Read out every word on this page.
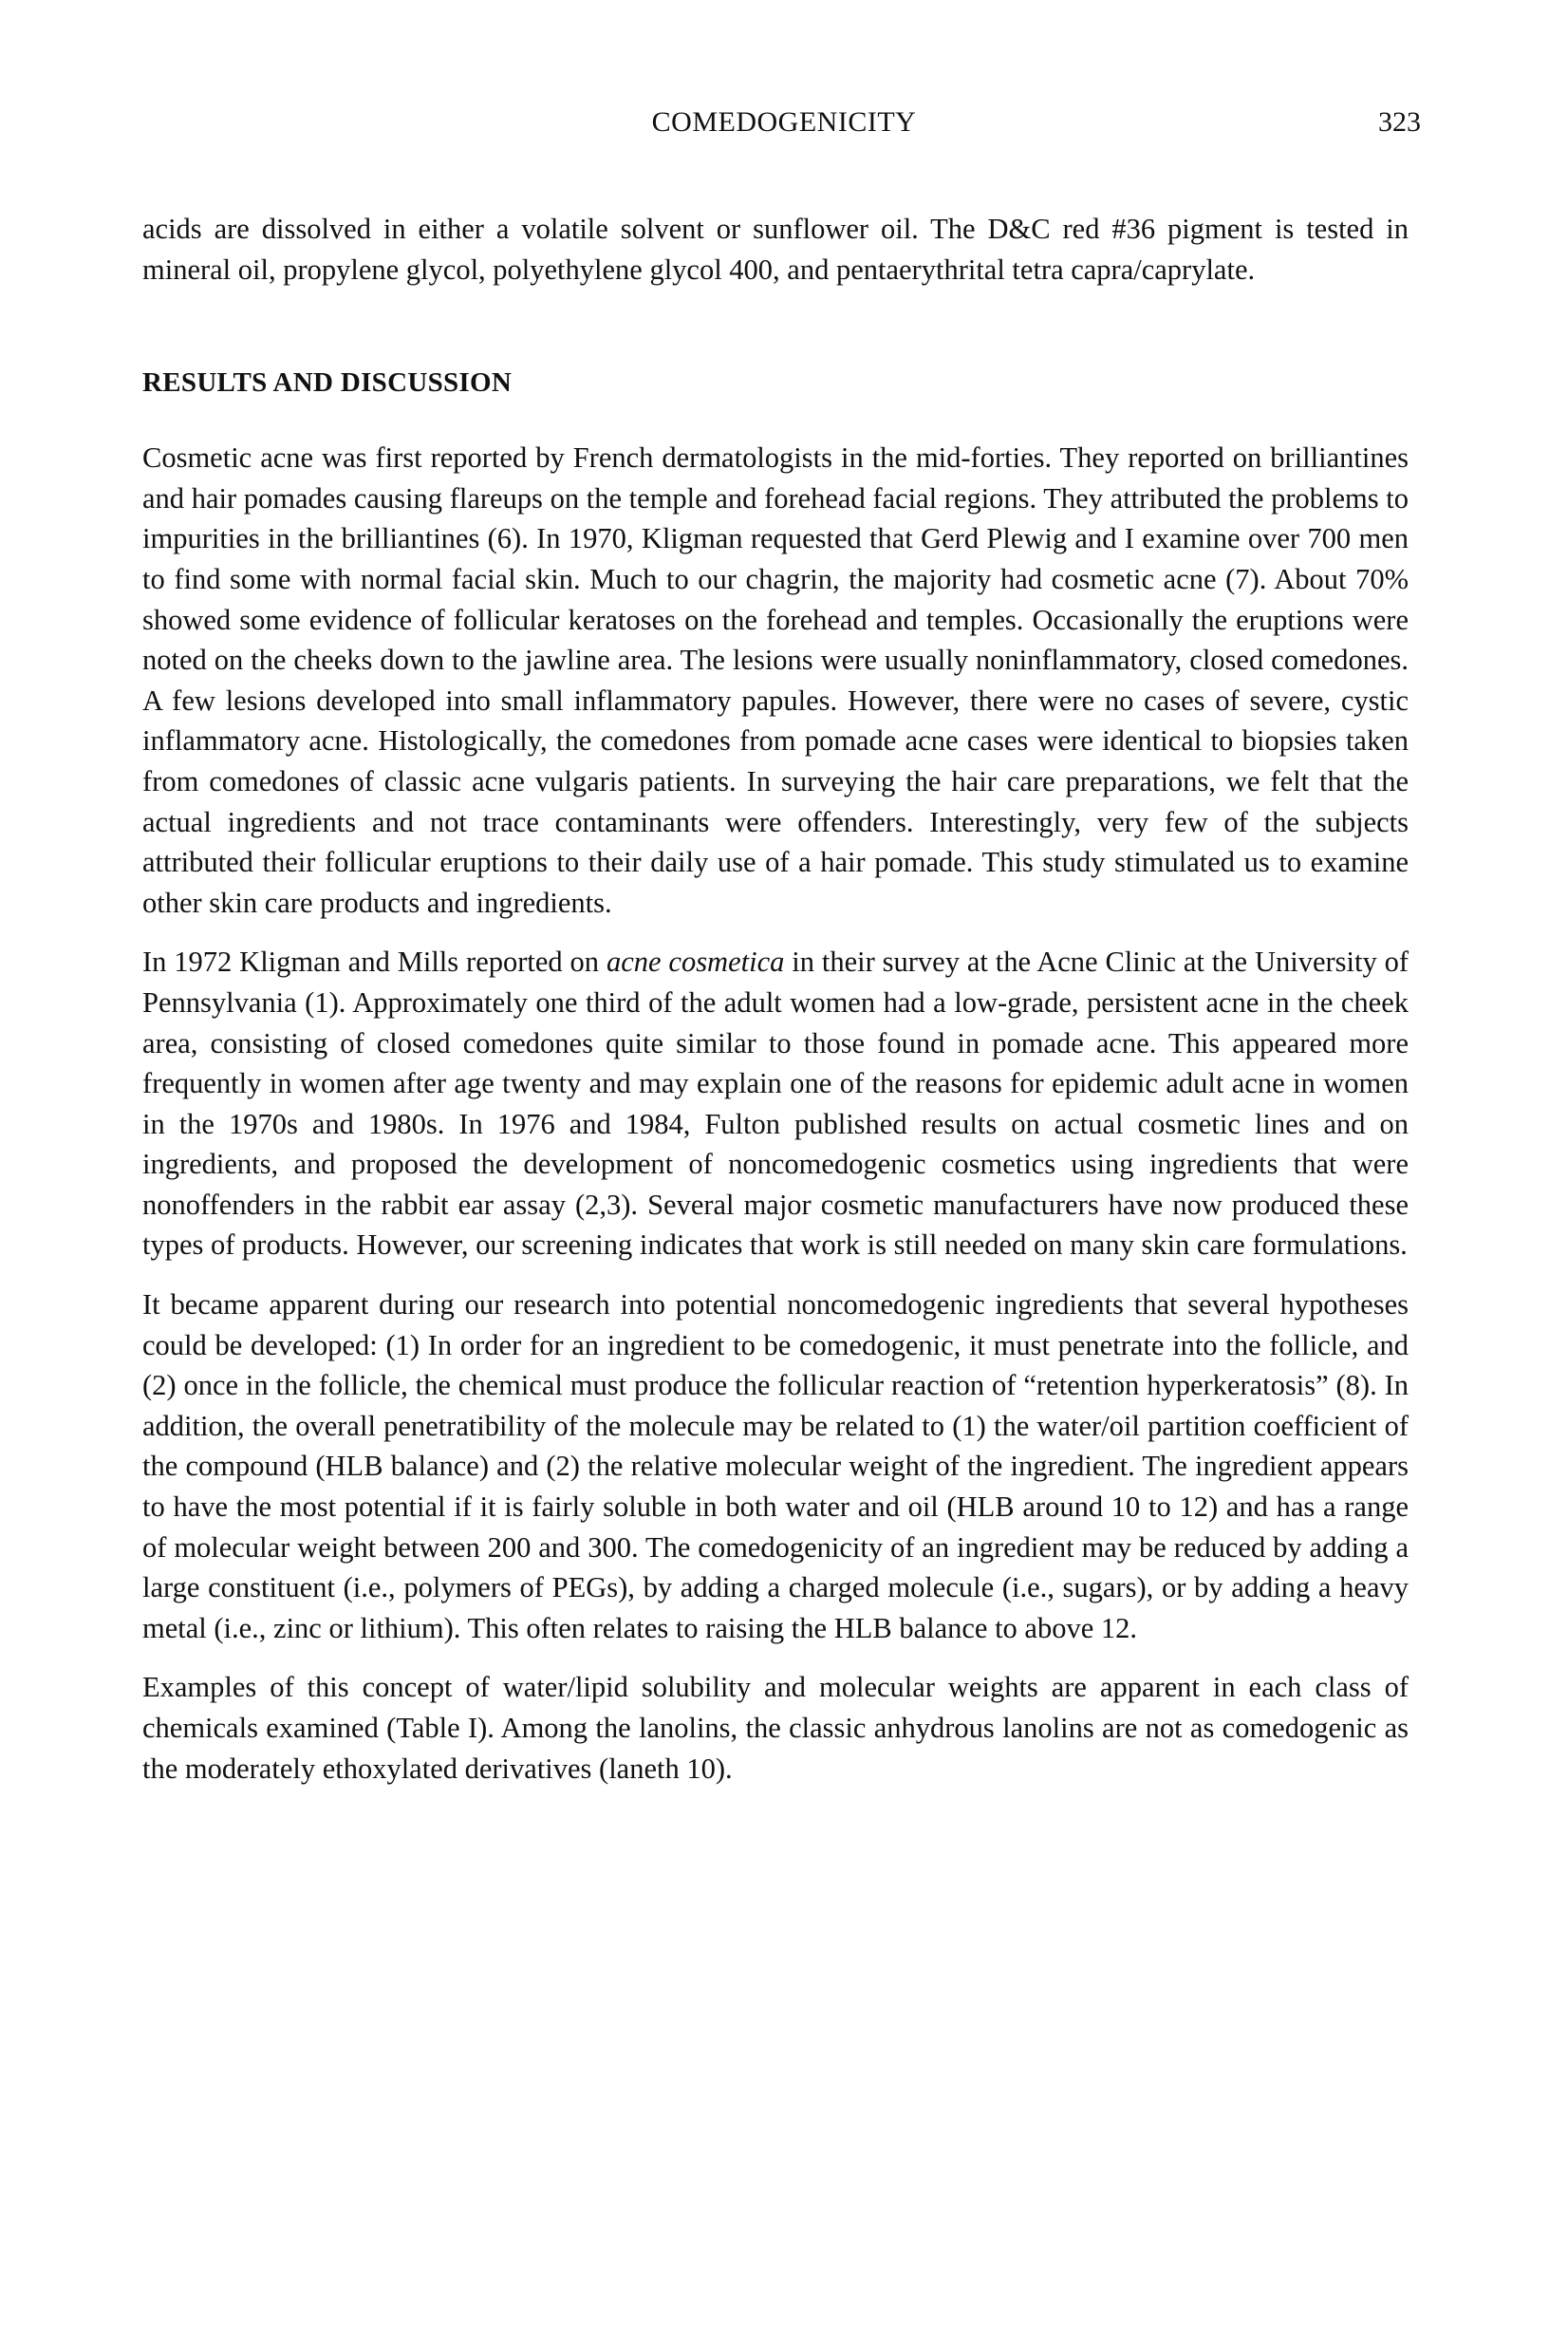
COMEDOGENICITY	323

acids are dissolved in either a volatile solvent or sunflower oil. The D&C red #36 pigment is tested in mineral oil, propylene glycol, polyethylene glycol 400, and pentaerythrital tetra capra/caprylate.

RESULTS AND DISCUSSION

Cosmetic acne was first reported by French dermatologists in the mid-forties. They reported on brilliantines and hair pomades causing flareups on the temple and forehead facial regions. They attributed the problems to impurities in the brilliantines (6). In 1970, Kligman requested that Gerd Plewig and I examine over 700 men to find some with normal facial skin. Much to our chagrin, the majority had cosmetic acne (7). About 70% showed some evidence of follicular keratoses on the forehead and temples. Occasionally the eruptions were noted on the cheeks down to the jawline area. The lesions were usually noninflammatory, closed comedones. A few lesions developed into small inflammatory papules. However, there were no cases of severe, cystic inflammatory acne. Histologically, the comedones from pomade acne cases were identical to biopsies taken from comedones of classic acne vulgaris patients. In surveying the hair care preparations, we felt that the actual ingredients and not trace contaminants were offenders. Interestingly, very few of the subjects attributed their follicular eruptions to their daily use of a hair pomade. This study stimulated us to examine other skin care products and ingredients.

In 1972 Kligman and Mills reported on acne cosmetica in their survey at the Acne Clinic at the University of Pennsylvania (1). Approximately one third of the adult women had a low-grade, persistent acne in the cheek area, consisting of closed comedones quite similar to those found in pomade acne. This appeared more frequently in women after age twenty and may explain one of the reasons for epidemic adult acne in women in the 1970s and 1980s. In 1976 and 1984, Fulton published results on actual cosmetic lines and on ingredients, and proposed the development of noncomedogenic cosmetics using ingredients that were nonoffenders in the rabbit ear assay (2,3). Several major cosmetic manufacturers have now produced these types of products. However, our screening indicates that work is still needed on many skin care formulations.

It became apparent during our research into potential noncomedogenic ingredients that several hypotheses could be developed: (1) In order for an ingredient to be comedogenic, it must penetrate into the follicle, and (2) once in the follicle, the chemical must produce the follicular reaction of “retention hyperkeratosis” (8). In addition, the overall penetratibility of the molecule may be related to (1) the water/oil partition coefficient of the compound (HLB balance) and (2) the relative molecular weight of the ingredient. The ingredient appears to have the most potential if it is fairly soluble in both water and oil (HLB around 10 to 12) and has a range of molecular weight between 200 and 300. The comedogenicity of an ingredient may be reduced by adding a large constituent (i.e., polymers of PEGs), by adding a charged molecule (i.e., sugars), or by adding a heavy metal (i.e., zinc or lithium). This often relates to raising the HLB balance to above 12.

Examples of this concept of water/lipid solubility and molecular weights are apparent in each class of chemicals examined (Table I). Among the lanolins, the classic anhydrous lanolins are not as comedogenic as the moderately ethoxylated derivatives (laneth 10).
